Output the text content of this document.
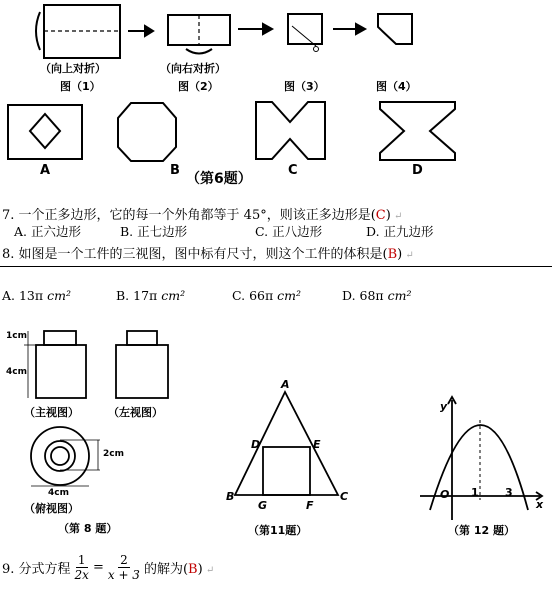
（向上对折）	（向右对折）
图（1）	图（2）	图（3）	图（4）
A	B	C	D
（第6题）
7. 一个正多边形，它的每一个外角都等于 45°，则该正多边形是(C) ↵
A. 正六边形	B. 正七边形	C. 正八边形	D. 正九边形
8. 如图是一个工件的三视图，图中标有尺寸，则这个工件的体积是(B) ↵
A. 13π cm²	B. 17π cm²	C. 66π cm²	D. 68π cm²
1cm
4cm
2cm
4cm
（主视图）	（左视图）
（俯视图）
（第 8 题）
A
B	C
D	E
F
G
（第11题）
y
O 1 3
x
（第 12 题）
9. 分式方程 $\frac{1}{2x} = \frac{2}{x + 3}$ 的解为(B) ↵
